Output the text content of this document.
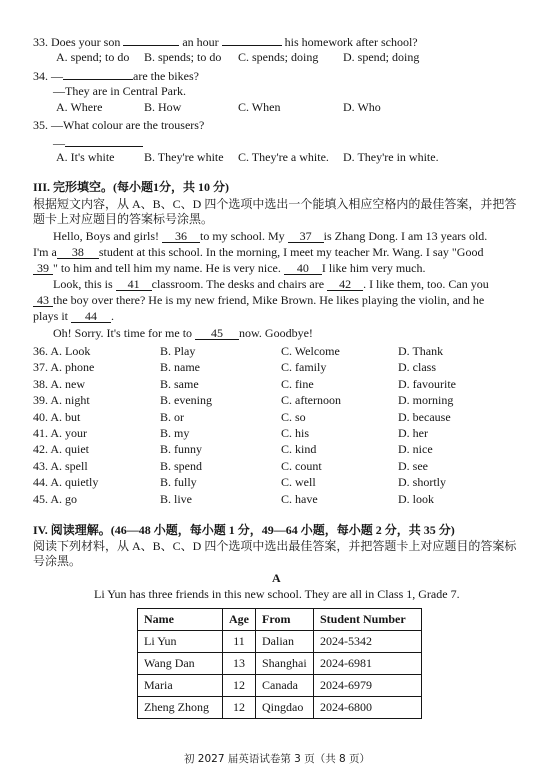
33. Does your son	an hour	his homework after school?
A. spend; to do B. spends; to do C. spends; doing D. spend; doing
34. —	are the bikes?
—They are in Central Park.
A. Where	B. How	C. When	D. Who
35. —What colour are the trousers?
—
A. It's white B. They're white C. They're a white. D. They're in white.
III. 完形填空。(每小题1分，共 10 分)
根据短文内容，从 A、B、C、D 四个选项中选出一个能填入相应空格内的最佳答案，并把答
题卡上对应题目的答案标号涂黑。
Hello, Boys and girls! 36 to my school. My 37 is Zhang Dong. I am 13 years old.
I'm a 38 student at this school. In the morning, I meet my teacher Mr. Wang. I say "Good
39 " to him and tell him my name. He is very nice. 40 I like him very much.
Look, this is 41 classroom. The desks and chairs are 42 . I like them, too. Can you
43 the boy over there? He is my new friend, Mike Brown. He likes playing the violin, and he
plays it 44 .
Oh! Sorry. It's time for me to 45 now. Goodbye!
36. A. Look	B. Play	C. Welcome	D. Thank
37. A. phone	B. name	C. family	D. class
38. A. new	B. same	C. fine	D. favourite
39. A. night	B. evening	C. afternoon	D. morning
40. A. but	B. or	C. so	D. because
41. A. your	B. my	C. his	D. her
42. A. quiet	B. funny	C. kind	D. nice
43. A. spell	B. spend	C. count	D. see
44. A. quietly	B. fully	C. well	D. shortly
45. A. go	B. live	C. have	D. look
IV. 阅读理解。(46—48 小题，每小题 1 分，49—64 小题，每小题 2 分，共 35 分)
阅读下列材料，从 A、B、C、D 四个选项中选出最佳答案，并把答题卡上对应题目的答案标
号涂黑。
A
Li Yun has three friends in this new school. They are all in Class 1, Grade 7.
Name	Age	From	Student Number
Li Yun	11	Dalian	2024-5342
Wang Dan	13	Shanghai	2024-6981
Maria	12	Canada	2024-6979
Zheng Zhong	12	Qingdao	2024-6800
初 2027 届英语试卷第 3 页（共 8 页）
